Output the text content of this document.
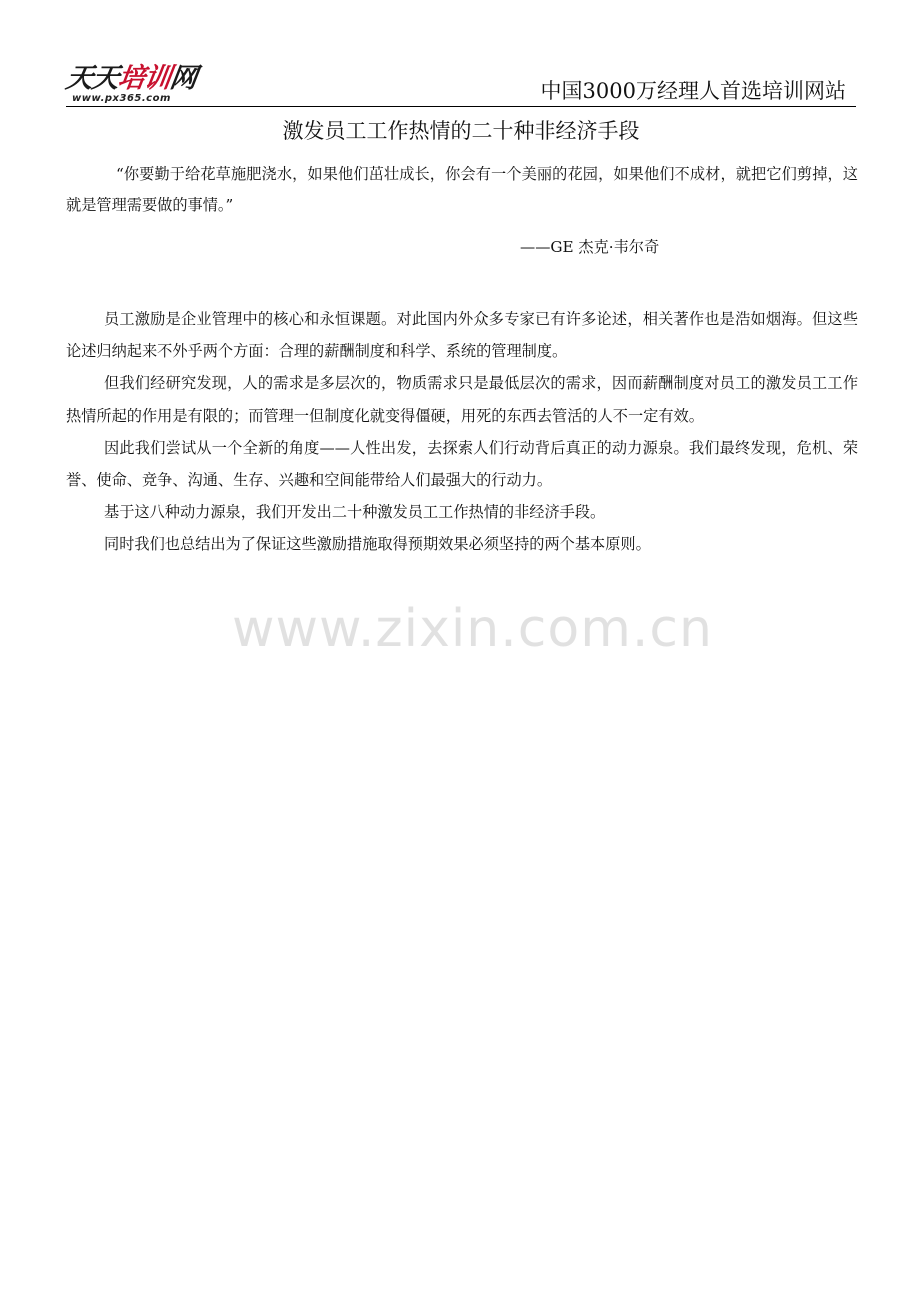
天天培训网
www.px365.com	中国3000万经理人首选培训网站
激发员工工作热情的二十种非经济手段
“你要勤于给花草施肥浇水，如果他们茁壮成长，你会有一个美丽的花园，如果他们不成材，就把它们剪掉，这就是管理需要做的事情。”
——GE 杰克·韦尔奇

员工激励是企业管理中的核心和永恒课题。对此国内外众多专家已有许多论述，相关著作也是浩如烟海。但这些论述归纳起来不外乎两个方面：合理的薪酬制度和科学、系统的管理制度。

但我们经研究发现，人的需求是多层次的，物质需求只是最低层次的需求，因而薪酬制度对员工的激发员工工作热情所起的作用是有限的；而管理一但制度化就变得僵硬，用死的东西去管活的人不一定有效。

因此我们尝试从一个全新的角度——人性出发，去探索人们行动背后真正的动力源泉。我们最终发现，危机、荣誉、使命、竞争、沟通、生存、兴趣和空间能带给人们最强大的行动力。

基于这八种动力源泉，我们开发出二十种激发员工工作热情的非经济手段。

同时我们也总结出为了保证这些激励措施取得预期效果必须坚持的两个基本原则。

www.zixin.com.cn
